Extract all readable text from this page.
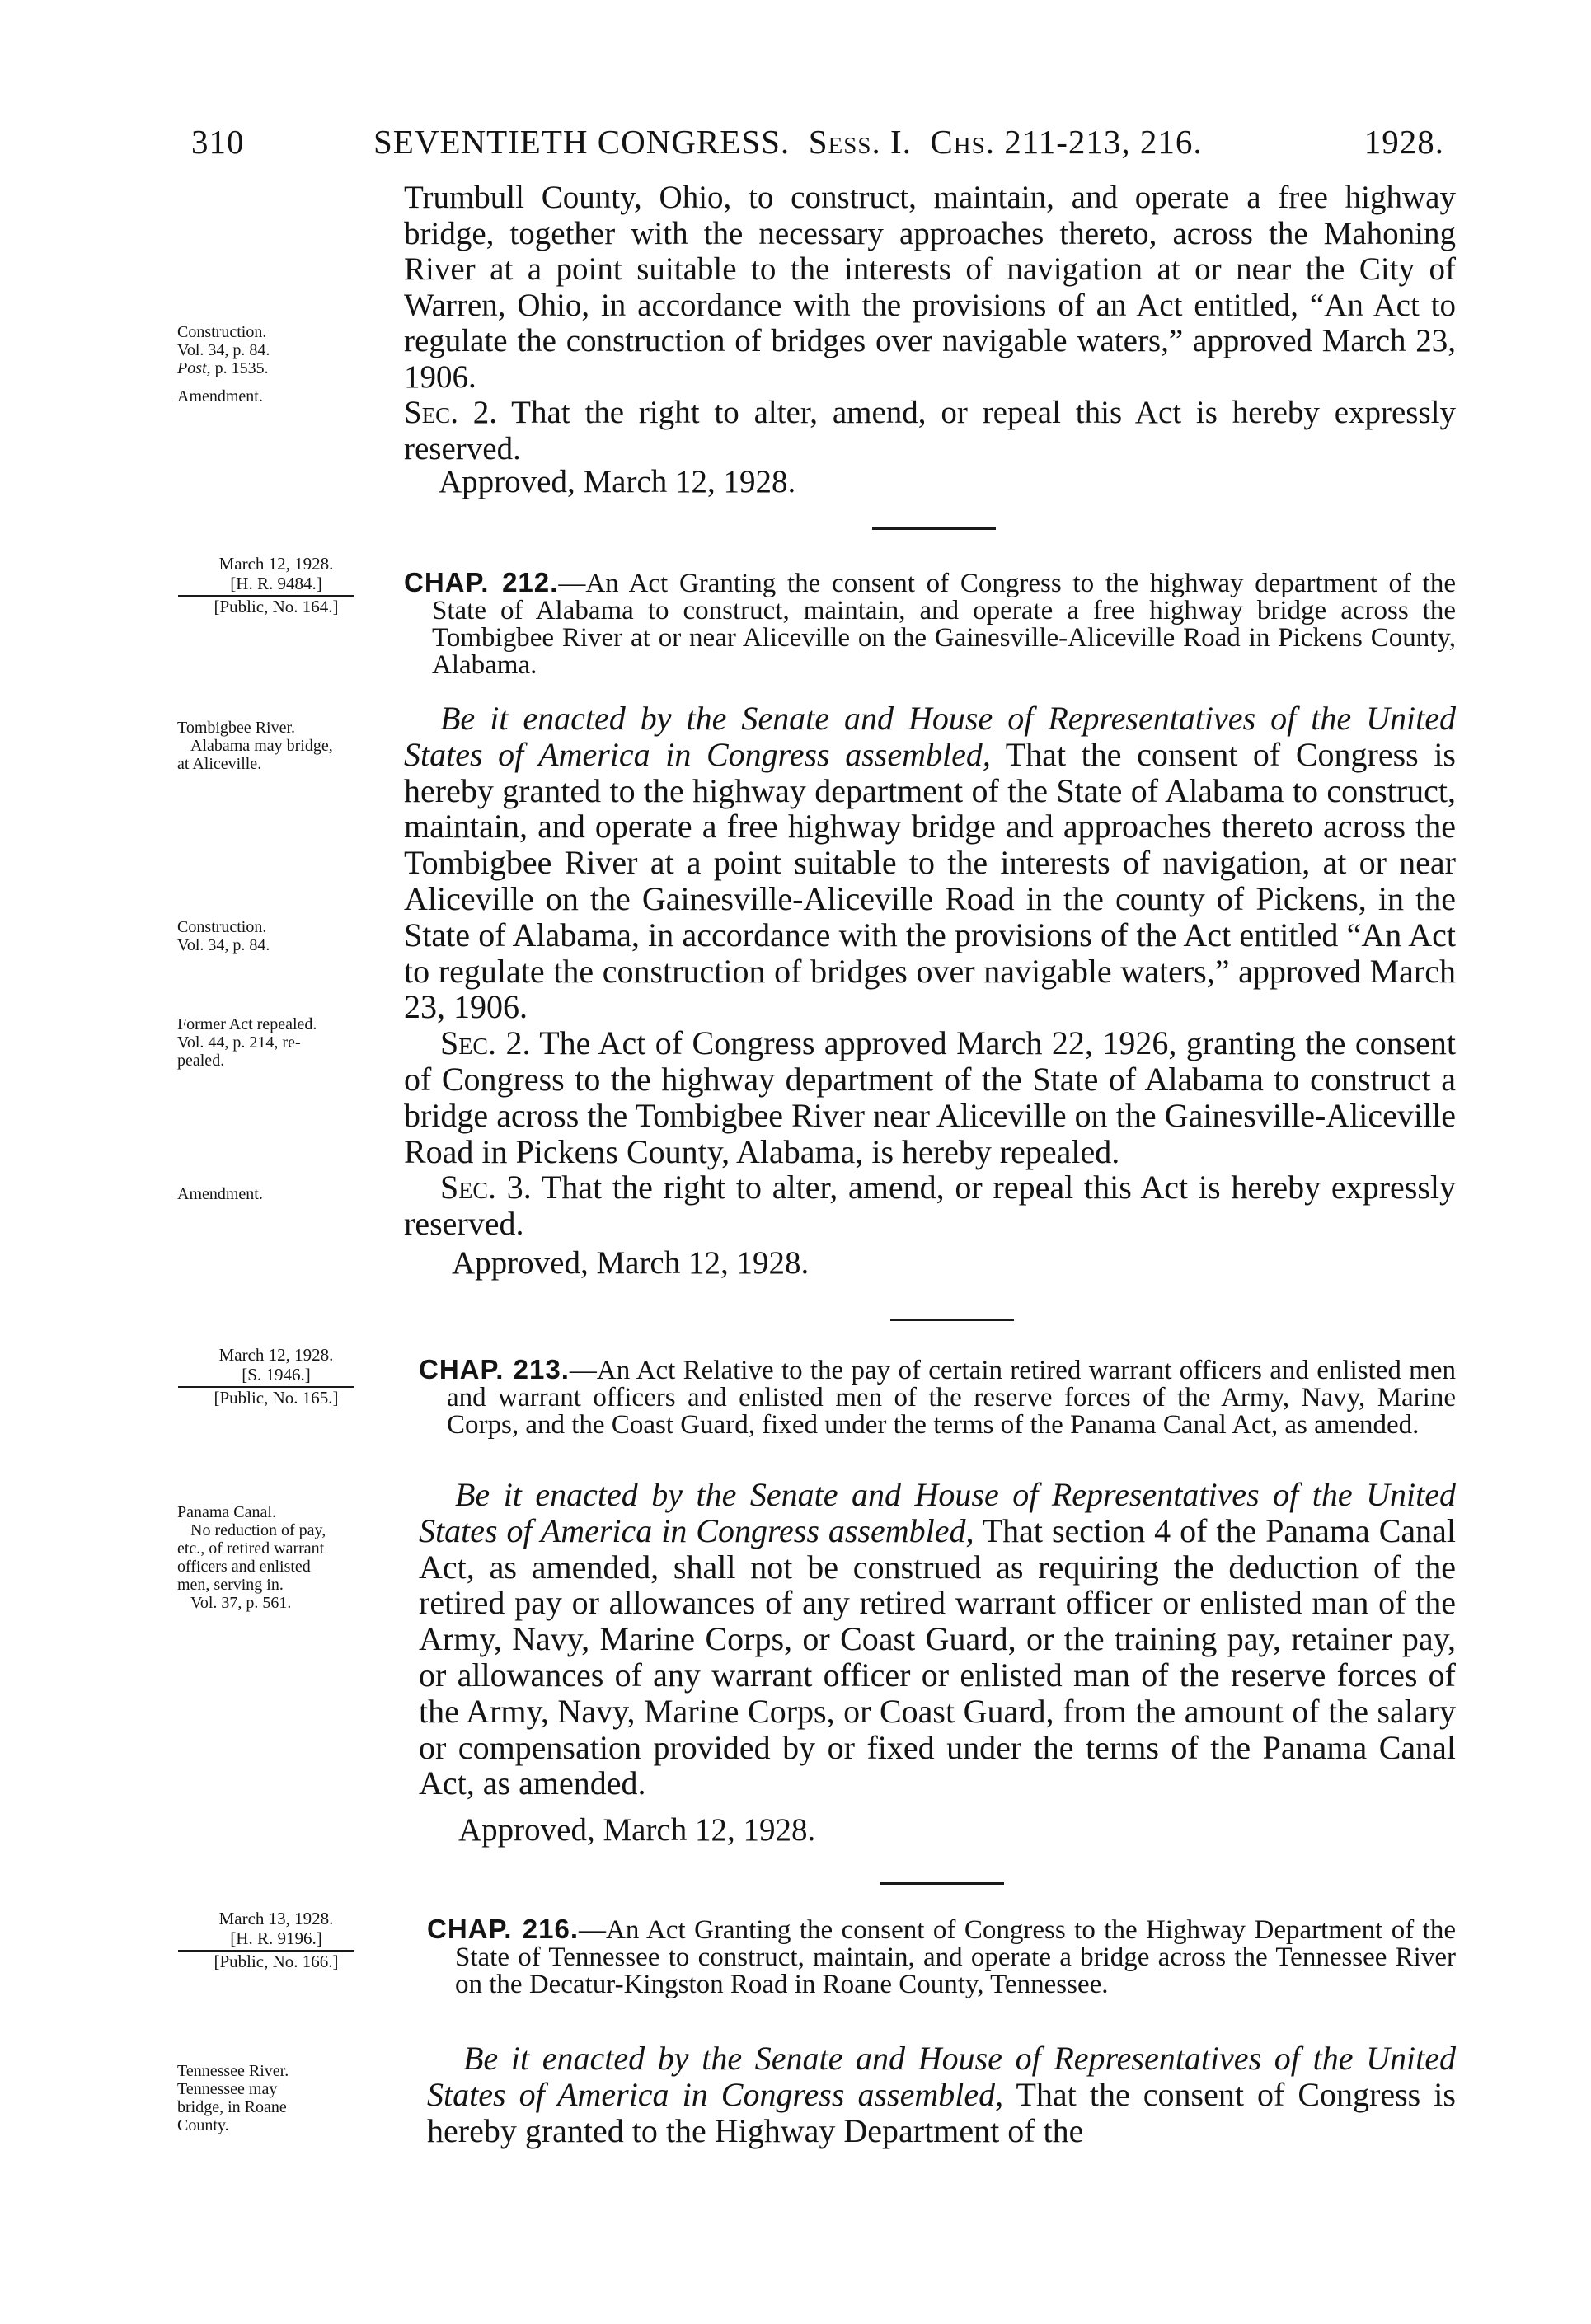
310	SEVENTIETH CONGRESS. Sess. I. Chs. 211-213, 216.	1928.

Trumbull County, Ohio, to construct, maintain, and operate a free highway bridge, together with the necessary approaches thereto, across the Mahoning River at a point suitable to the interests of navigation at or near the City of Warren, Ohio, in accordance with the provisions of an Act entitled, “An Act to regulate the construction of bridges over navigable waters,” approved March 23, 1906.

Sec. 2. That the right to alter, amend, or repeal this Act is hereby expressly reserved.

Approved, March 12, 1928.
Construction.
Vol. 34, p. 84.
Post, p. 1535.
Amendment.
March 12, 1928.
[H. R. 9484.]
[Public, No. 164.]

CHAP. 212.—An Act Granting the consent of Congress to the highway department of the State of Alabama to construct, maintain, and operate a free highway bridge across the Tombigbee River at or near Aliceville on the Gainesville-Aliceville Road in Pickens County, Alabama.

Be it enacted by the Senate and House of Representatives of the United States of America in Congress assembled, That the consent of Congress is hereby granted to the highway department of the State of Alabama to construct, maintain, and operate a free highway bridge and approaches thereto across the Tombigbee River at a point suitable to the interests of navigation, at or near Aliceville on the Gainesville-Aliceville Road in the county of Pickens, in the State of Alabama, in accordance with the provisions of the Act entitled “An Act to regulate the construction of bridges over navigable waters,” approved March 23, 1906.

Sec. 2. The Act of Congress approved March 22, 1926, granting the consent of Congress to the highway department of the State of Alabama to construct a bridge across the Tombigbee River near Aliceville on the Gainesville-Aliceville Road in Pickens County, Alabama, is hereby repealed.

Sec. 3. That the right to alter, amend, or repeal this Act is hereby expressly reserved.

Approved, March 12, 1928.
Tombigbee River.
Alabama may bridge,
at Aliceville.
Construction.
Vol. 34, p. 84.
Former Act repealed.
Vol. 44, p. 214, re-
pealed.
Amendment.
March 12, 1928.
[S. 1946.]
[Public, No. 165.]

CHAP. 213.—An Act Relative to the pay of certain retired warrant officers and enlisted men and warrant officers and enlisted men of the reserve forces of the Army, Navy, Marine Corps, and the Coast Guard, fixed under the terms of the Panama Canal Act, as amended.

Be it enacted by the Senate and House of Representatives of the United States of America in Congress assembled, That section 4 of the Panama Canal Act, as amended, shall not be construed as requiring the deduction of the retired pay or allowances of any retired warrant officer or enlisted man of the Army, Navy, Marine Corps, or Coast Guard, or the training pay, retainer pay, or allowances of any warrant officer or enlisted man of the reserve forces of the Army, Navy, Marine Corps, or Coast Guard, from the amount of the salary or compensation provided by or fixed under the terms of the Panama Canal Act, as amended.

Approved, March 12, 1928.
Panama Canal.
No reduction of pay,
etc., of retired warrant
officers and enlisted
men, serving in.
Vol. 37, p. 561.
March 13, 1928.
[H. R. 9196.]
[Public, No. 166.]

CHAP. 216.—An Act Granting the consent of Congress to the Highway Department of the State of Tennessee to construct, maintain, and operate a bridge across the Tennessee River on the Decatur-Kingston Road in Roane County, Tennessee.

Be it enacted by the Senate and House of Representatives of the United States of America in Congress assembled, That the consent of Congress is hereby granted to the Highway Department of the

Tennessee River.
Tennessee may
bridge, in Roane
County.
